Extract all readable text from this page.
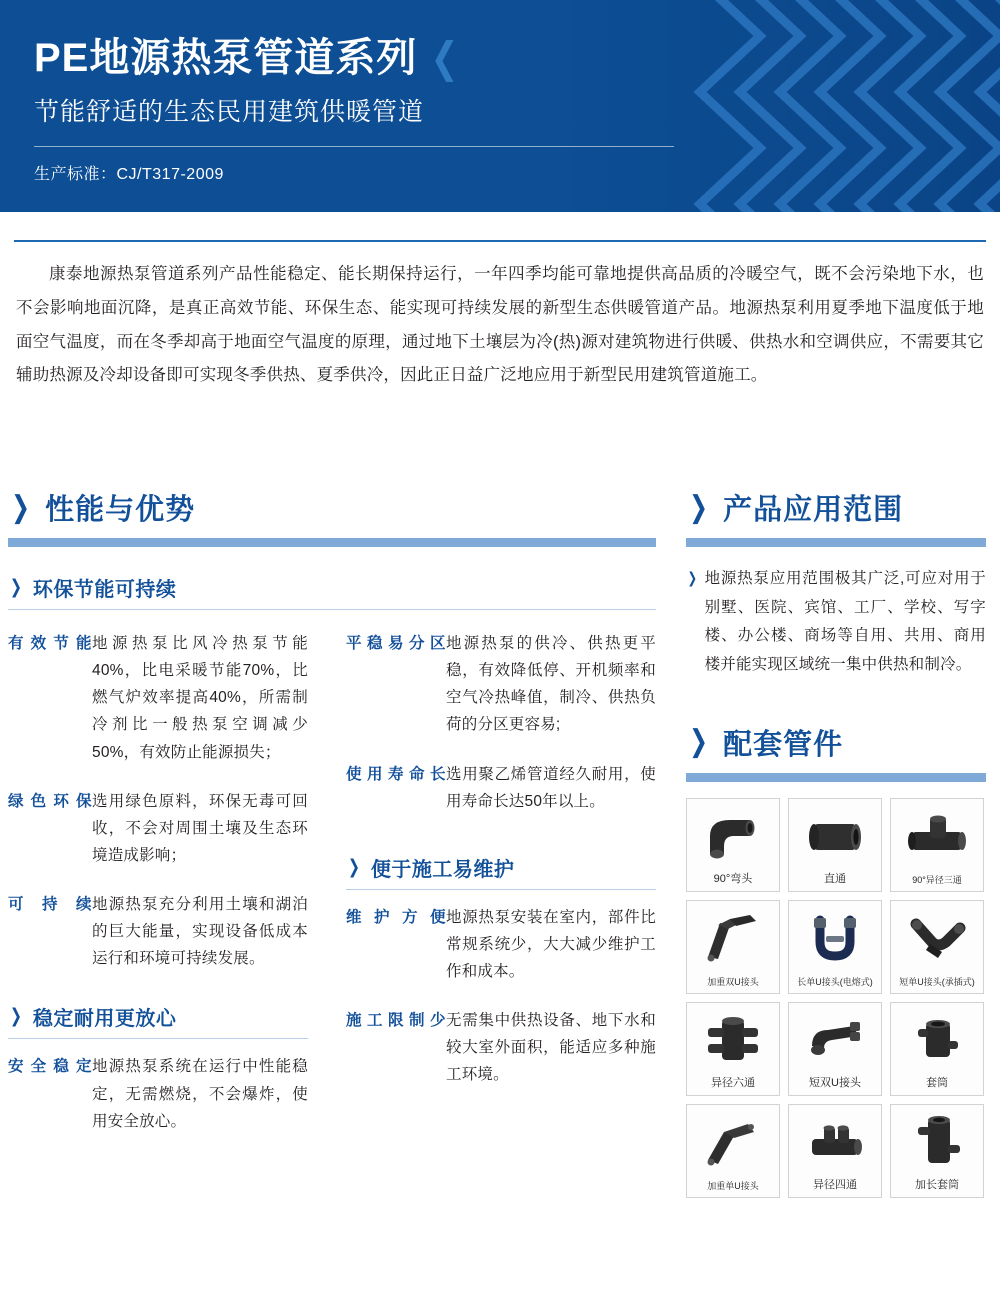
PE地源热泵管道系列 ❮
节能舒适的生态民用建筑供暖管道
生产标准：CJ/T317-2009
康泰地源热泵管道系列产品性能稳定、能长期保持运行，一年四季均能可靠地提供高品质的冷暖空气，既不会污染地下水，也不会影响地面沉降，是真正高效节能、环保生态、能实现可持续发展的新型生态供暖管道产品。地源热泵利用夏季地下温度低于地面空气温度，而在冬季却高于地面空气温度的原理，通过地下土壤层为冷(热)源对建筑物进行供暖、供热水和空调供应，不需要其它辅助热源及冷却设备即可实现冬季供热、夏季供冷，因此正日益广泛地应用于新型民用建筑管道施工。
❯ 性能与优势
❯ 环保节能可持续
有效节能 地源热泵比风冷热泵节能40%，比电采暖节能70%，比燃气炉效率提高40%，所需制冷剂比一般热泵空调减少50%，有效防止能源损失；
绿色环保 选用绿色原料，环保无毒可回收，不会对周围土壤及生态环境造成影响；
可持续 地源热泵充分利用土壤和湖泊的巨大能量，实现设备低成本运行和环境可持续发展。
❯ 稳定耐用更放心
安全稳定 地源热泵系统在运行中性能稳定，无需燃烧，不会爆炸，使用安全放心。
平稳易分区 地源热泵的供冷、供热更平稳，有效降低停、开机频率和空气冷热峰值，制冷、供热负荷的分区更容易;
使用寿命长 选用聚乙烯管道经久耐用，使用寿命长达50年以上。
❯ 便于施工易维护
维护方便 地源热泵安装在室内，部件比常规系统少，大大减少维护工作和成本。
施工限制少 无需集中供热设备、地下水和较大室外面积，能适应多种施工环境。
❯ 产品应用范围
❯ 地源热泵应用范围极其广泛,可应对用于别墅、医院、宾馆、工厂、学校、写字楼、办公楼、商场等自用、共用、商用楼并能实现区域统一集中供热和制冷。
❯ 配套管件
90°弯头	直通	90°异径三通
加重双U接头	长单U接头(电熔式)	短单U接头(承插式)
异径六通	短双U接头	套筒
加重单U接头	异径四通	加长套筒
